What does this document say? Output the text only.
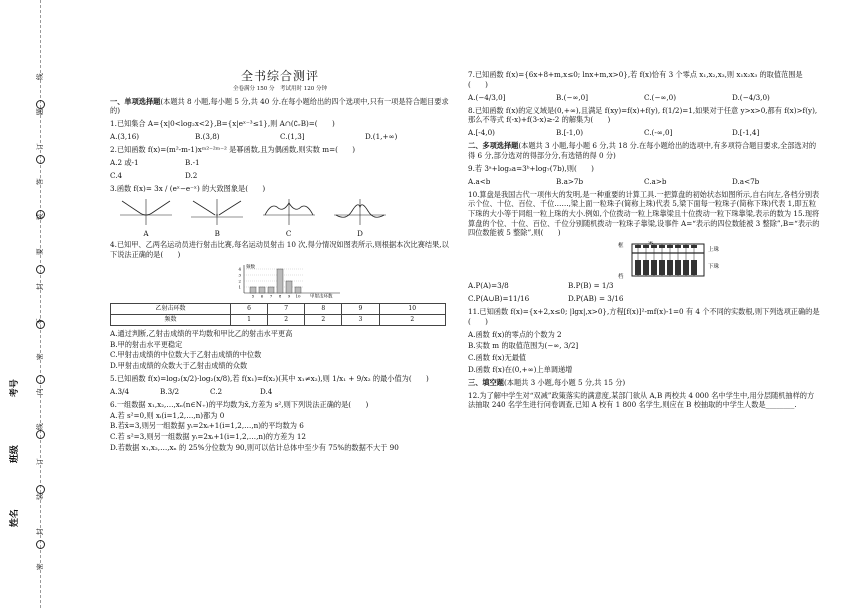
考号
班级
姓名
线
题
订
答
装
要
封
不
密
内
线
订
装
封
密
全书综合测评
全卷满分 150 分　考试用时 120 分钟

一、单项选择题(本题共 8 小题,每小题 5 分,共 40 分.在每小题给出的四个选项中,只有一项是符合题目要求的)

1.已知集合 A={x|0<log₂x<2},B={x|eˣ⁻³≤1},则 A∩(∁ᵣB)=(　　)

A.(3,16)	B.(3,8)	C.(1,3]	D.(1,+∞)

2.已知函数 f(x)=(m²-m-1)xᵐ²⁻²ᵐ⁻² 是幂函数,且为偶函数,则实数 m=(　　)

A.2 或-1	B.-1

C.4	D.2

3.函数 f(x)= 3x / (eˣ−e⁻ˣ) 的大致图象是(　　)

A	B	C	D

4.已知甲、乙两名运动员进行射击比赛,每名运动员射击 10 次,得分情况如图表所示,则根据本次比赛结果,以下说法正确的是(　　)

1
2
3
4
5 6 7 8 9 10
频数
甲射击环数
乙射击环数	6	7	8	9	10
频数	1	2	2	3	2

A.通过判断,乙射击成绩的平均数和甲比乙的射击水平更高

B.甲的射击水平更稳定

C.甲射击成绩的中位数大于乙射击成绩的中位数

D.甲射击成绩的众数大于乙射击成绩的众数

5.已知函数 f(x)=log₂(x/2)·log₂(x/8),若 f(x₁)=f(x₂)(其中 x₁≠x₂),则 1/x₁ + 9/x₂ 的最小值为(　　)

A.3/4	B.3/2	C.2	D.4

6.一组数据 x₁,x₂,…,xₙ(n∈N₊)的平均数为x̄,方差为 s²,则下列说法正确的是(　　)

A.若 s²=0,则 xᵢ(i=1,2,…,n)都为 0

B.若x̄=3,则另一组数据 yᵢ=2xᵢ+1(i=1,2,…,n)的平均数为 6

C.若 s²=3,则另一组数据 yᵢ=2xᵢ+1(i=1,2,…,n)的方差为 12

D.若数据 x₁,x₂,…,xₙ 的 25%分位数为 90,则可以估计总体中至少有 75%的数据不大于 90

7.已知函数 f(x)={6x+8+m,x≤0; lnx+m,x>0},若 f(x)恰有 3 个零点 x₁,x₂,x₃,则 x₁x₂x₃ 的取值范围是(　　)

A.(−4/3,0]	B.(−∞,0]	C.(−∞,0)	D.(−4/3,0)

8.已知函数 f(x)的定义域是(0,+∞),且满足 f(xy)=f(x)+f(y), f(1/2)=1,如果对于任意 y>x>0,都有 f(x)>f(y),那么不等式 f(-x)+f(3-x)≥-2 的解集为(　　)

A.[-4,0)	B.[-1,0)	C.(-∞,0]	D.[-1,4]

二、多项选择题(本题共 3 小题,每小题 6 分,共 18 分.在每小题给出的选项中,有多项符合题目要求,全部选对的得 6 分,部分选对的得部分分,有选错的得 0 分)

9.若 3ᵃ+log₃a=3ᵇ+log₇(7b),则(　　)

A.a<b	B.a>7b	C.a>b	D.a<7b

10.算盘是我国古代一项伟大的发明,是一种重要的计算工具.一把算盘的初始状态如图所示,自右向左,各档分别表示个位、十位、百位、千位……,梁上面一粒珠子(简称上珠)代表 5,梁下面每一粒珠子(简称下珠)代表 1,即五粒下珠的大小等于同组一粒上珠的大小.例如,个位拨动一粒上珠靠梁且十位拨动一粒下珠靠梁,表示的数为 15.现将算盘的个位、十位、百位、千位分别随机拨动一粒珠子靠梁,设事件 A=“表示的四位数能被 3 整除”,B=“表示的四位数能被 5 整除”,则(　　)

框
梁
档
上珠
下珠

A.P(A)=3/8	B.P(B) = 1/3

C.P(A∪B)=11/16	D.P(AB) = 3/16

11.已知函数 f(x)={x+2,x≤0; |lgx|,x>0},方程[f(x)]²-mf(x)-1=0 有 4 个不同的实数根,则下列选项正确的是(　　)

A.函数 f(x)的零点的个数为 2

B.实数 m 的取值范围为(−∞, 3/2]

C.函数 f(x)无最值

D.函数 f(x)在(0,+∞)上单调递增

三、填空题(本题共 3 小题,每小题 5 分,共 15 分)

12.为了解中学生对“双减”政策落实的满意度,某部门欲从 A,B 两校共 4 000 名中学生中,用分层随机抽样的方法抽取 240 名学生进行问卷调查,已知 A 校有 1 800 名学生,则应在 B 校抽取的中学生人数是________.
